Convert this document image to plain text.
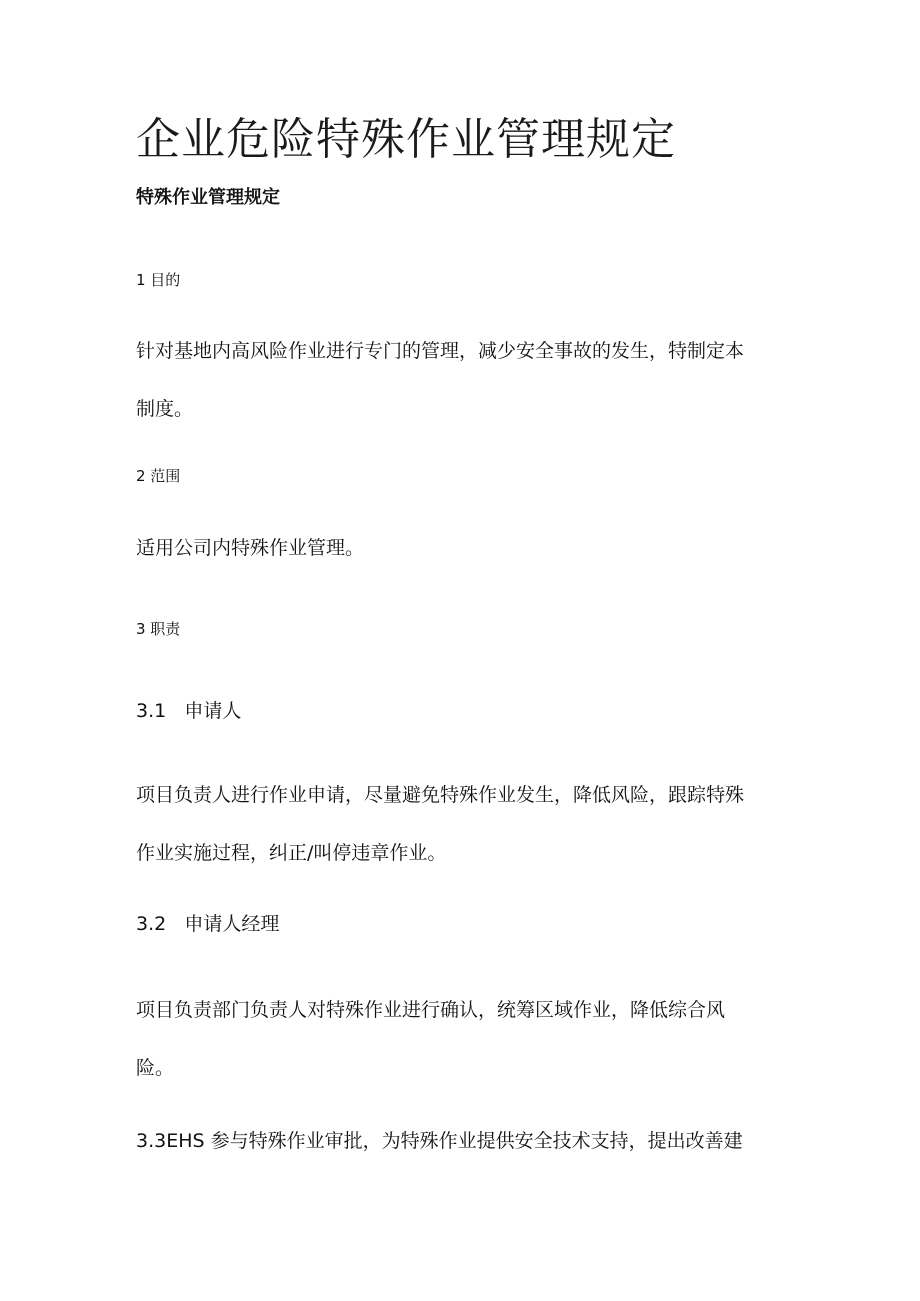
企业危险特殊作业管理规定
特殊作业管理规定

1 目的

针对基地内高风险作业进行专门的管理，减少安全事故的发生，特制定本
制度。

2 范围

适用公司内特殊作业管理。

3 职责

3.1   申请人

项目负责人进行作业申请，尽量避免特殊作业发生，降低风险，跟踪特殊
作业实施过程，纠正/叫停违章作业。

3.2   申请人经理

项目负责部门负责人对特殊作业进行确认，统筹区域作业，降低综合风
险。

3.3EHS 参与特殊作业审批，为特殊作业提供安全技术支持，提出改善建
